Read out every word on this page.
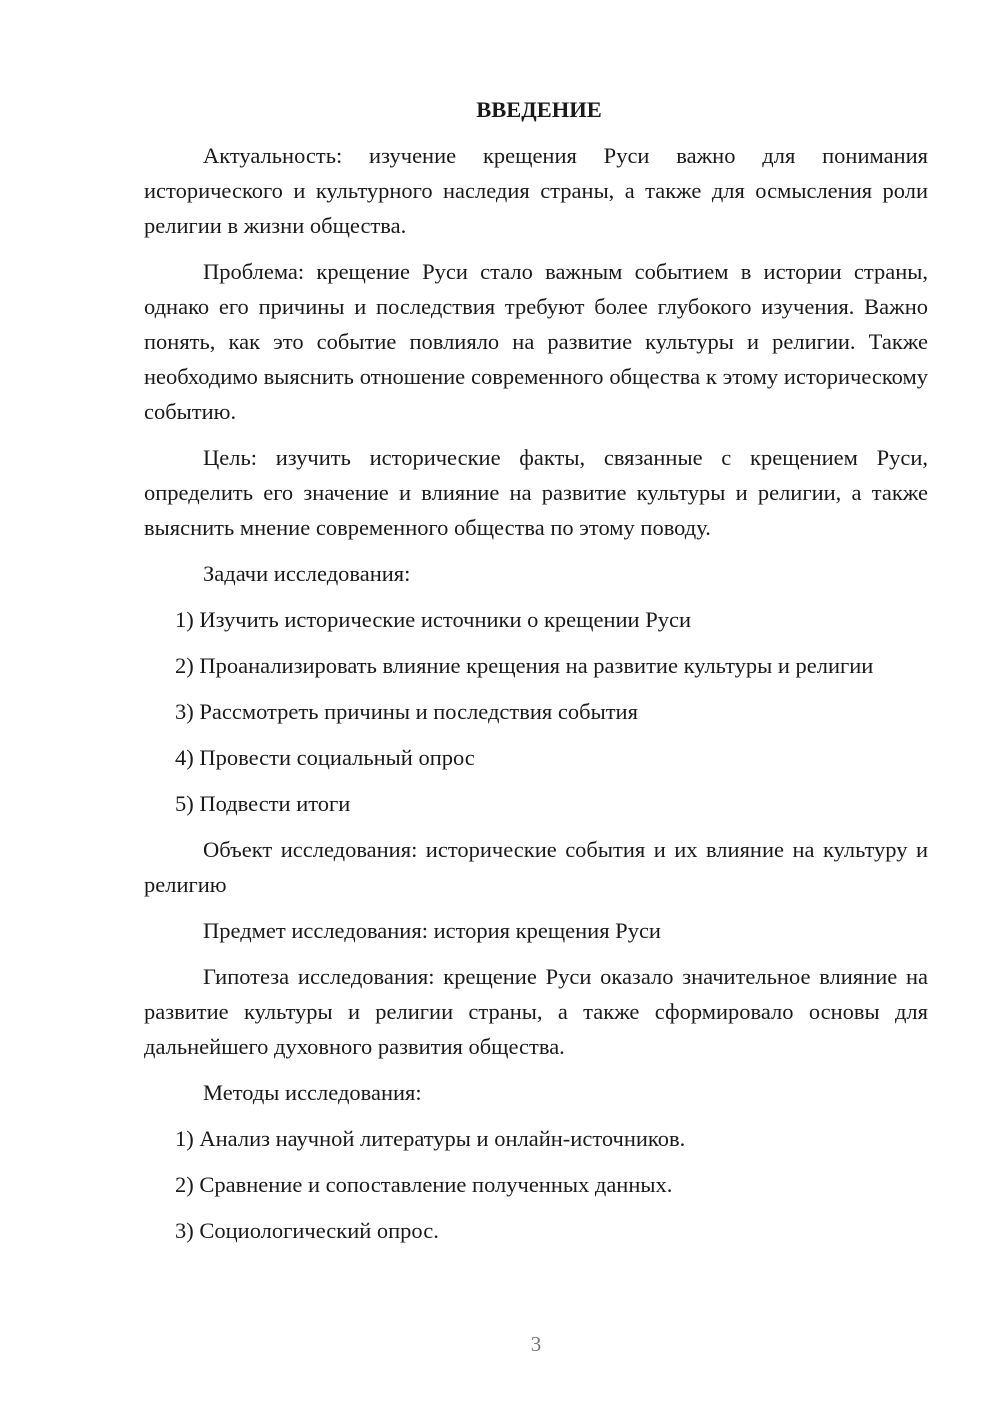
ВВЕДЕНИЕ

Актуальность: изучение крещения Руси важно для понимания исторического и культурного наследия страны, а также для осмысления роли религии в жизни общества.

Проблема: крещение Руси стало важным событием в истории страны, однако его причины и последствия требуют более глубокого изучения. Важно понять, как это событие повлияло на развитие культуры и религии. Также необходимо выяснить отношение современного общества к этому историческому событию.

Цель: изучить исторические факты, связанные с крещением Руси, определить его значение и влияние на развитие культуры и религии, а также выяснить мнение современного общества по этому поводу.

Задачи исследования:

1) Изучить исторические источники о крещении Руси

2) Проанализировать влияние крещения на развитие культуры и религии

3) Рассмотреть причины и последствия события

4) Провести социальный опрос

5) Подвести итоги

Объект исследования: исторические события и их влияние на культуру и религию

Предмет исследования: история крещения Руси

Гипотеза исследования: крещение Руси оказало значительное влияние на развитие культуры и религии страны, а также сформировало основы для дальнейшего духовного развития общества.

Методы исследования:

1) Анализ научной литературы и онлайн-источников.

2) Сравнение и сопоставление полученных данных.

3) Социологический опрос.

3
